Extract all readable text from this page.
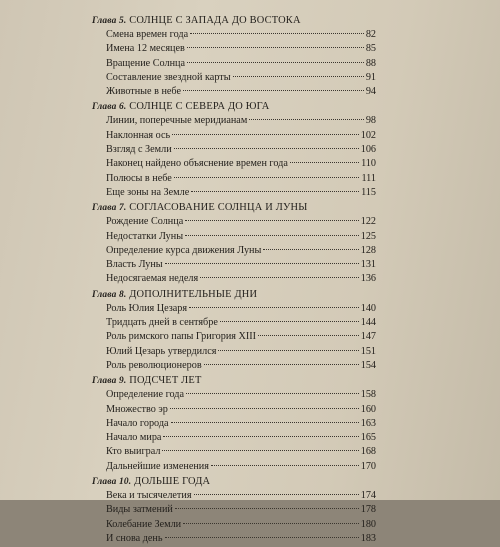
Глава 5. СОЛНЦЕ С ЗАПАДА ДО ВОСТОКА
Смена времен года	82
Имена 12 месяцев	85
Вращение Солнца	88
Составление звездной карты	91
Животные в небе	94
Глава 6. СОЛНЦЕ С СЕВЕРА ДО ЮГА
Линии, поперечные меридианам	98
Наклонная ось	102
Взгляд с Земли	106
Наконец найдено объяснение времен года	110
Полюсы в небе	111
Еще зоны на Земле	115
Глава 7. СОГЛАСОВАНИЕ СОЛНЦА И ЛУНЫ
Рождение Солнца	122
Недостатки Луны	125
Определение курса движения Луны	128
Власть Луны	131
Недосягаемая неделя	136
Глава 8. ДОПОЛНИТЕЛЬНЫЕ ДНИ
Роль Юлия Цезаря	140
Тридцать дней в сентябре	144
Роль римского папы Григория XIII	147
Юлий Цезарь утвердился	151
Роль революционеров	154
Глава 9. ПОДСЧЕТ ЛЕТ
Определение года	158
Множество эр	160
Начало города	163
Начало мира	165
Кто выиграл	168
Дальнейшие изменения	170
Глава 10. ДОЛЬШЕ ГОДА
Века и тысячелетия	174
Виды затмений	178
Колебание Земли	180
И снова день	183
